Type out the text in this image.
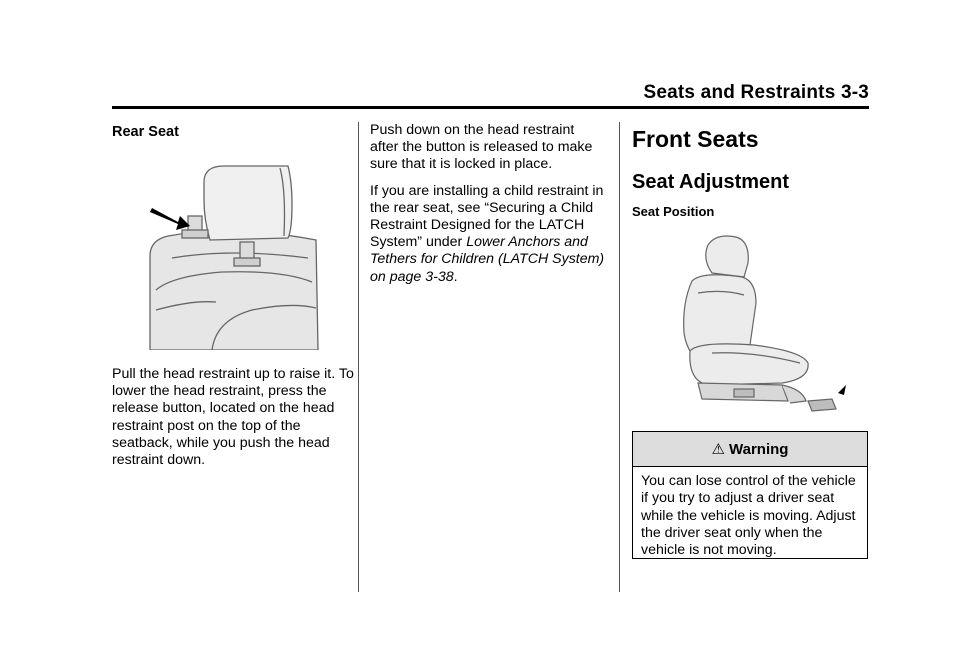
Seats and Restraints 3-3
Rear Seat

Pull the head restraint up to raise it. To lower the head restraint, press the release button, located on the head restraint post on the top of the seatback, while you push the head restraint down.

Push down on the head restraint after the button is released to make sure that it is locked in place.

If you are installing a child restraint in the rear seat, see “Securing a Child Restraint Designed for the LATCH System” under Lower Anchors and Tethers for Children (LATCH System) on page 3-38.

Front Seats
Seat Adjustment
Seat Position
⚠ Warning
You can lose control of the vehicle if you try to adjust a driver seat while the vehicle is moving. Adjust the driver seat only when the vehicle is not moving.
